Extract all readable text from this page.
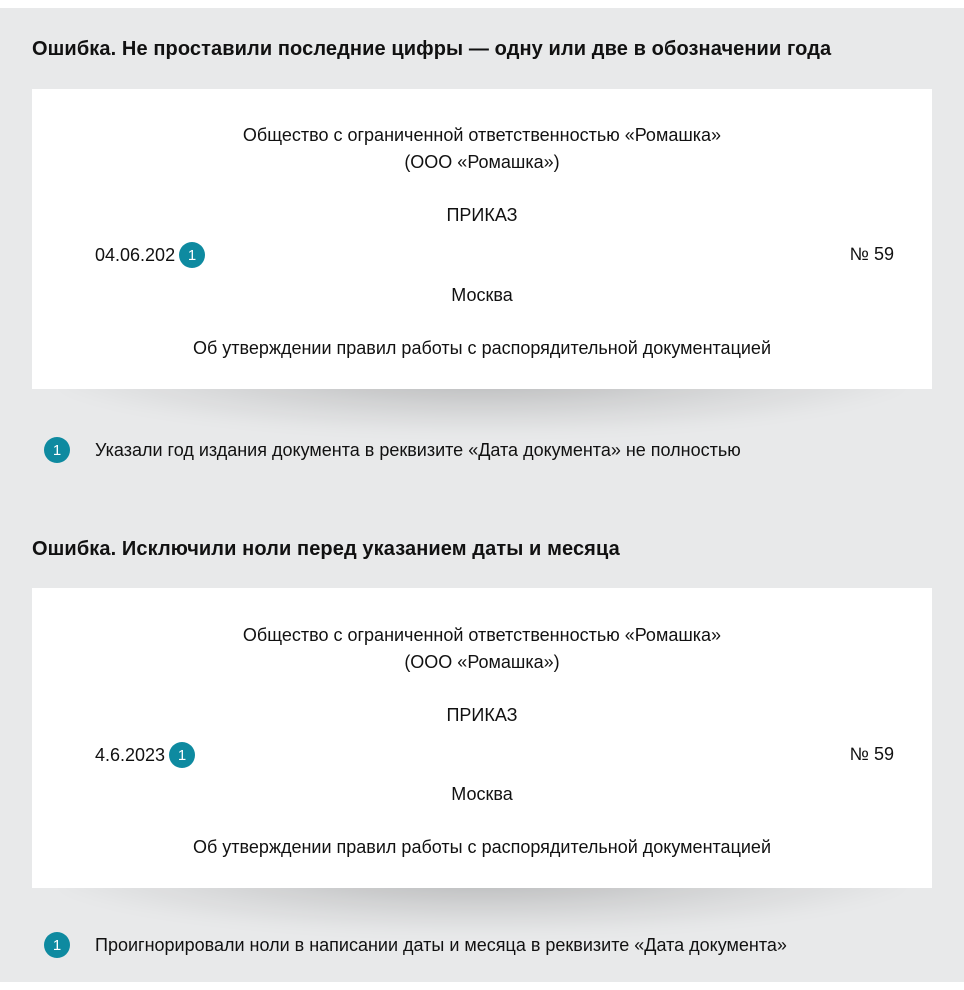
Ошибка. Не проставили последние цифры — одну или две в обозначении года
Общество с ограниченной ответственностью «Ромашка»
(ООО «Ромашка»)
ПРИКАЗ
04.06.202 1	№ 59
Москва
Об утверждении правил работы с распорядительной документацией
1	Указали год издания документа в реквизите «Дата документа» не полностью
Ошибка. Исключили ноли перед указанием даты и месяца
Общество с ограниченной ответственностью «Ромашка»
(ООО «Ромашка»)
ПРИКАЗ
4.6.2023 1	№ 59
Москва
Об утверждении правил работы с распорядительной документацией
1	Проигнорировали ноли в написании даты и месяца в реквизите «Дата документа»
